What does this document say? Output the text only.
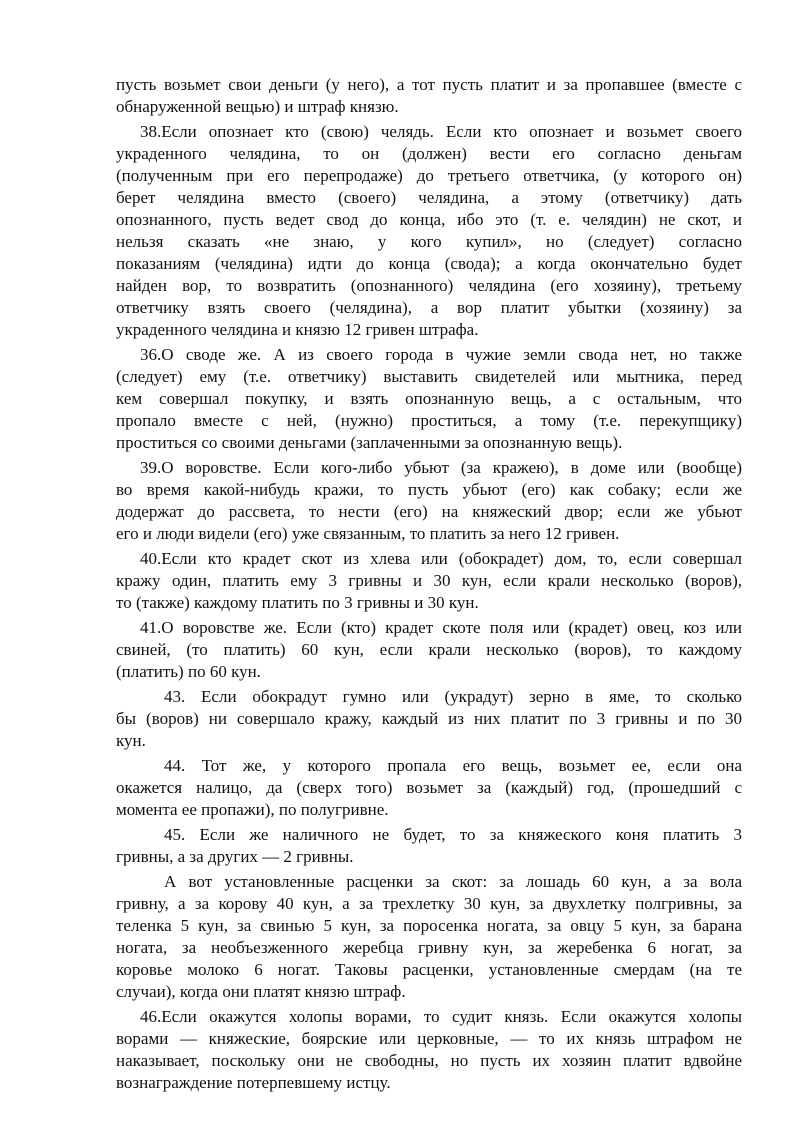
пусть возьмет свои деньги (у него), а тот пусть платит и за пропавшее (вместе с
обнаруженной вещью) и штраф князю.
38.Если опознает кто (свою) челядь. Если кто опознает и возьмет своего
украденного челядина, то он (должен) вести его согласно деньгам
(полученным при его перепродаже) до третьего ответчика, (у которого он)
берет челядина вместо (своего) челядина, а этому (ответчику) дать
опознанного, пусть ведет свод до конца, ибо это (т. е. челядин) не скот, и
нельзя сказать «не знаю, у кого купил», но (следует) согласно
показаниям (челядина) идти до конца (свода); а когда окончательно будет
найден вор, то возвратить (опознанного) челядина (его хозяину), третьему
ответчику взять своего (челядина), а вор платит убытки (хозяину) за
украденного челядина и князю 12 гривен штрафа.
36.О своде же. А из своего города в чужие земли свода нет, но также
(следует) ему (т.е. ответчику) выставить свидетелей или мытника, перед
кем совершал покупку, и взять опознанную вещь, а с остальным, что
пропало вместе с ней, (нужно) проститься, а тому (т.е. перекупщику)
проститься со своими деньгами (заплаченными за опознанную вещь).
39.О воровстве. Если кого-либо убьют (за кражею), в доме или (вообще)
во время какой-нибудь кражи, то пусть убьют (его) как собаку; если же
додержат до рассвета, то нести (его) на княжеский двор; если же убьют
его и люди видели (его) уже связанным, то платить за него 12 гривен.
40.Если кто крадет скот из хлева или (обокрадет) дом, то, если совершал
кражу один, платить ему 3 гривны и 30 кун, если крали несколько (воров),
то (также) каждому платить по 3 гривны и 30 кун.
41.О воровстве же. Если (кто) крадет скоте поля или (крадет) овец, коз или
свиней, (то платить) 60 кун, если крали несколько (воров), то каждому
(платить) по 60 кун.
43. Если обокрадут гумно или (украдут) зерно в яме, то сколько
бы (воров) ни совершало кражу, каждый из них платит по 3 гривны и по 30
кун.
44. Тот же, у которого пропала его вещь, возьмет ее, если она
окажется налицо, да (сверх того) возьмет за (каждый) год, (прошедший с
момента ее пропажи), по полугривне.
45. Если же наличного не будет, то за княжеского коня платить 3
гривны, а за других — 2 гривны.
А вот установленные расценки за скот: за лошадь 60 кун, а за вола
гривну, а за корову 40 кун, а за трехлетку 30 кун, за двухлетку полгривны, за
теленка 5 кун, за свинью 5 кун, за поросенка ногата, за овцу 5 кун, за барана
ногата, за необъезженного жеребца гривну кун, за жеребенка 6 ногат, за
коровье молоко 6 ногат. Таковы расценки, установленные смердам (на те
случаи), когда они платят князю штраф.
46.Если окажутся холопы ворами, то судит князь. Если окажутся холопы
ворами — княжеские, боярские или церковные, — то их князь штрафом не
наказывает, поскольку они не свободны, но пусть их хозяин платит вдвойне
вознаграждение потерпевшему истцу.
